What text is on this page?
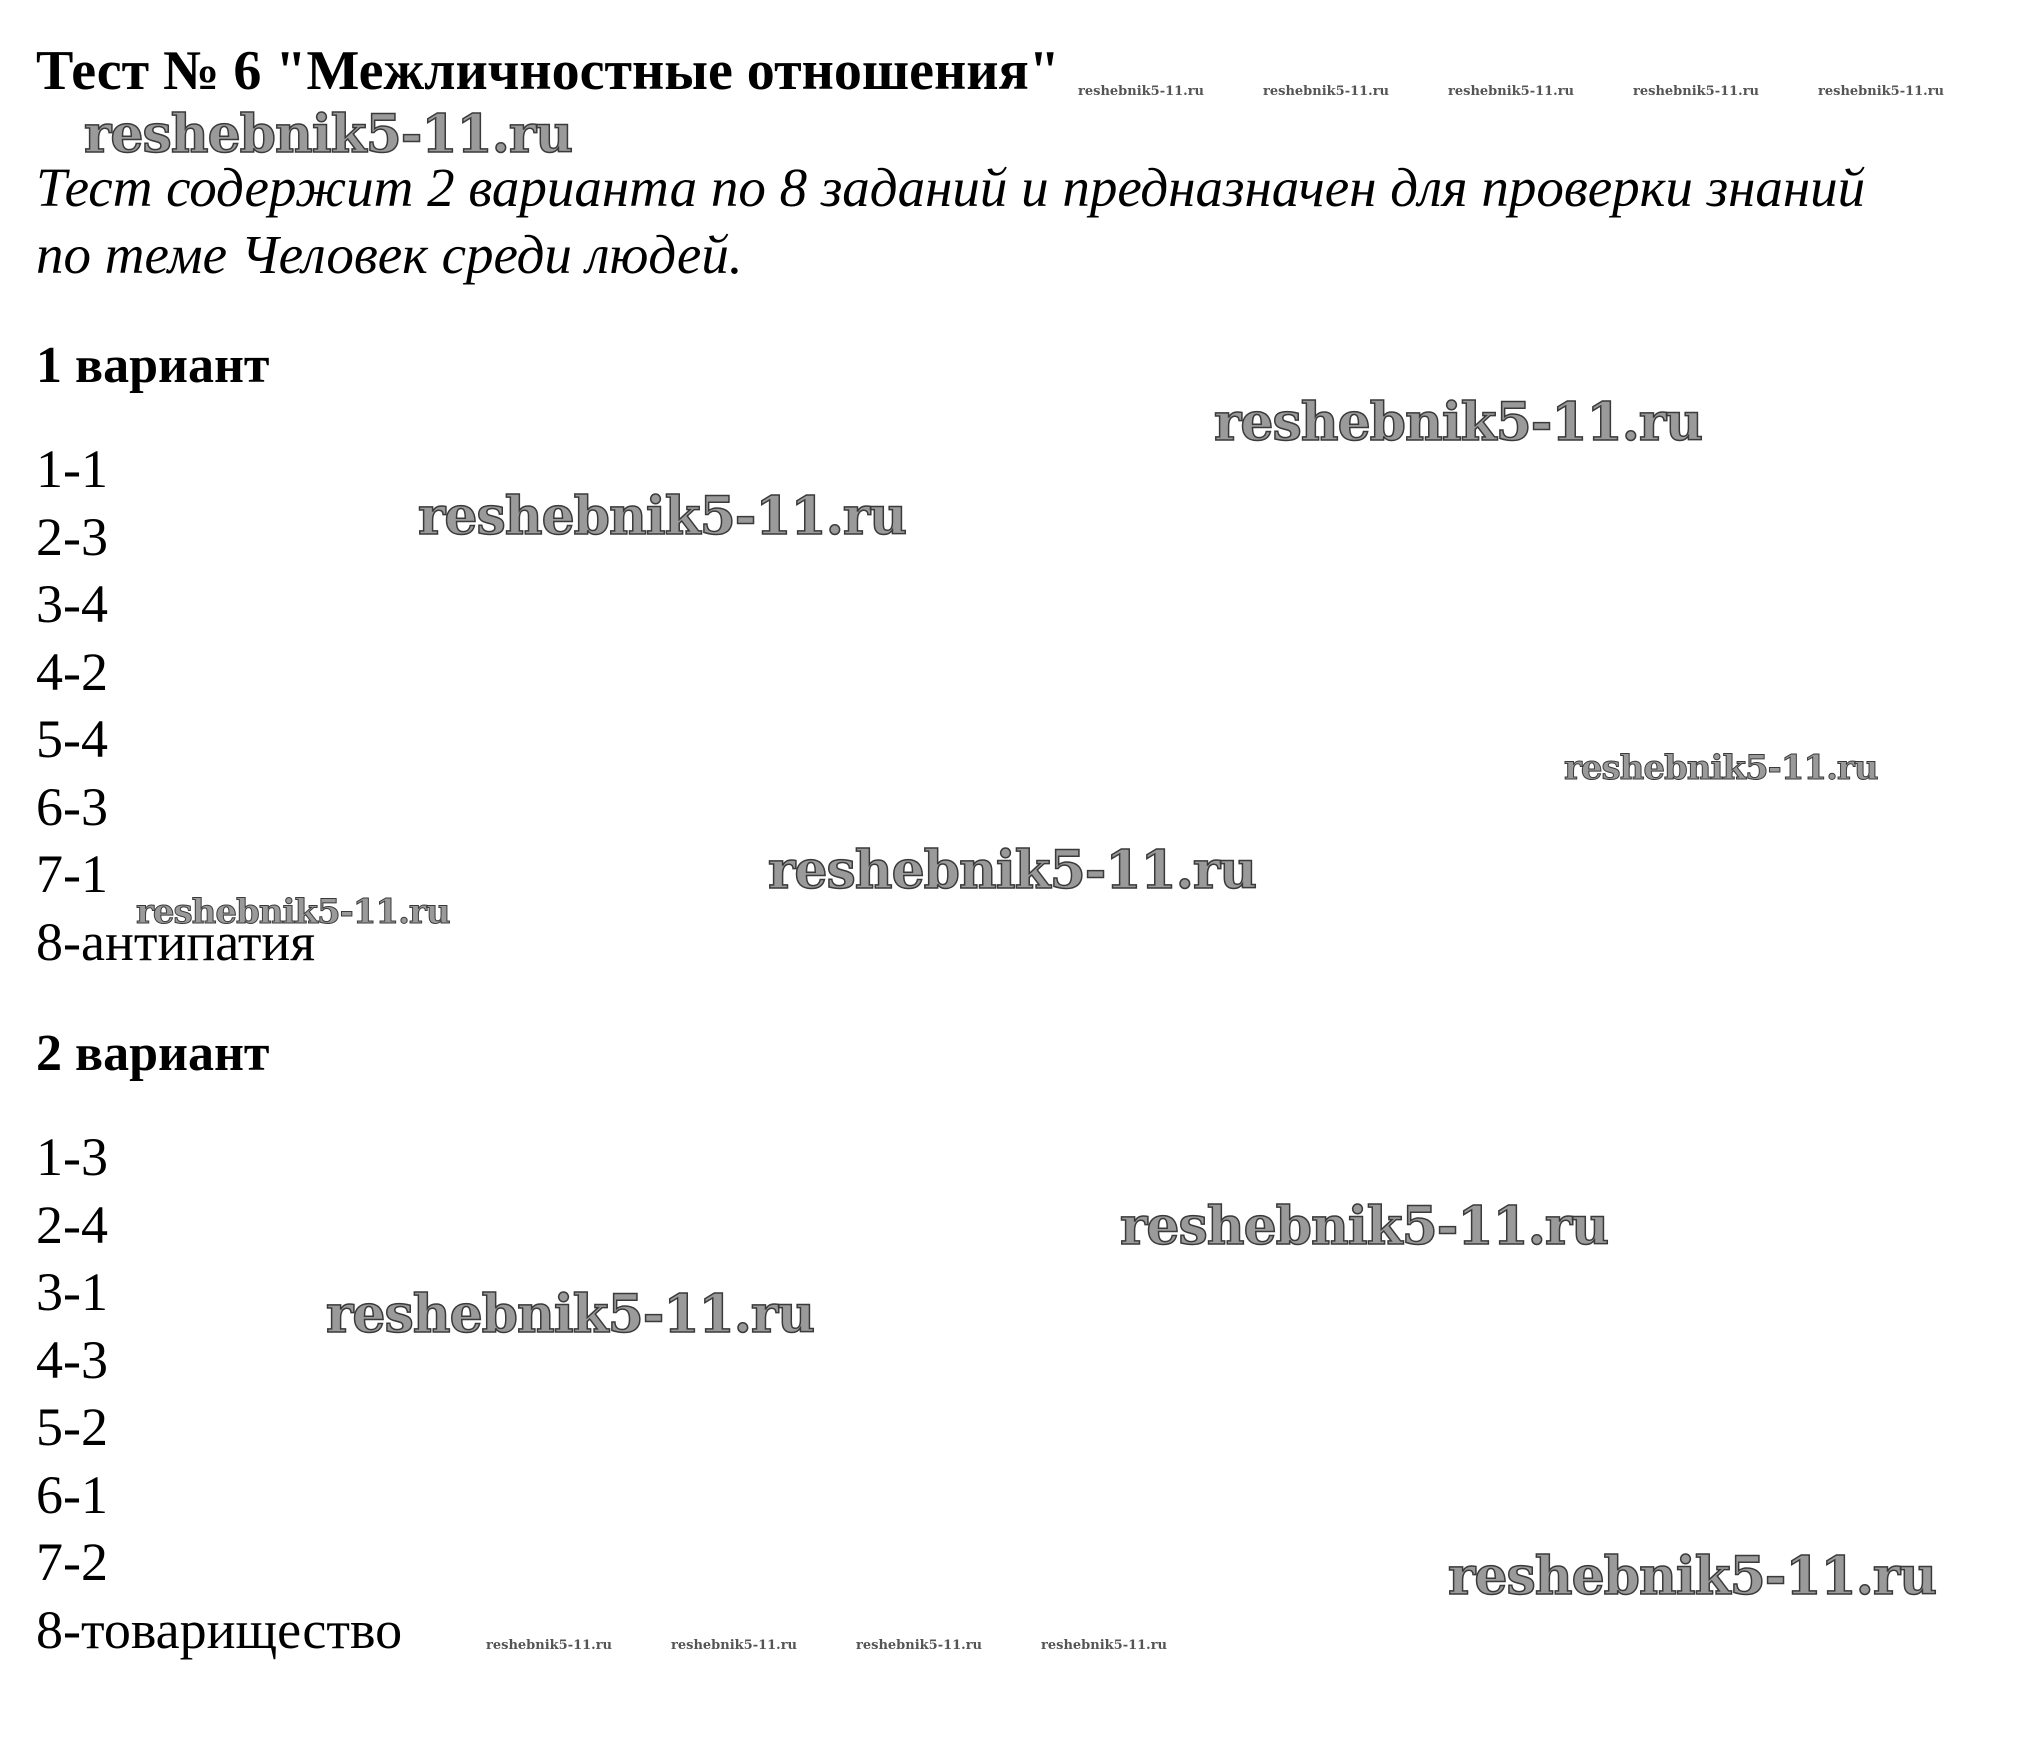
Тест № 6 "Межличностные отношения"
Тест содержит 2 варианта по 8 заданий и предназначен для проверки знаний
по теме Человек среди людей.
1 вариант
1-1
2-3
3-4
4-2
5-4
6-3
7-1
8-антипатия
2 вариант
1-3
2-4
3-1
4-3
5-2
6-1
7-2
8-товарищество
reshebnik5-11.ru
reshebnik5-11.ru
reshebnik5-11.ru
reshebnik5-11.ru
reshebnik5-11.ru
reshebnik5-11.ru
reshebnik5-11.ru
reshebnik5-11.ru
reshebnik5-11.ru
reshebnik5-11.ru	reshebnik5-11.ru	reshebnik5-11.ru	reshebnik5-11.ru	reshebnik5-11.ru
reshebnik5-11.ru	reshebnik5-11.ru	reshebnik5-11.ru	reshebnik5-11.ru
